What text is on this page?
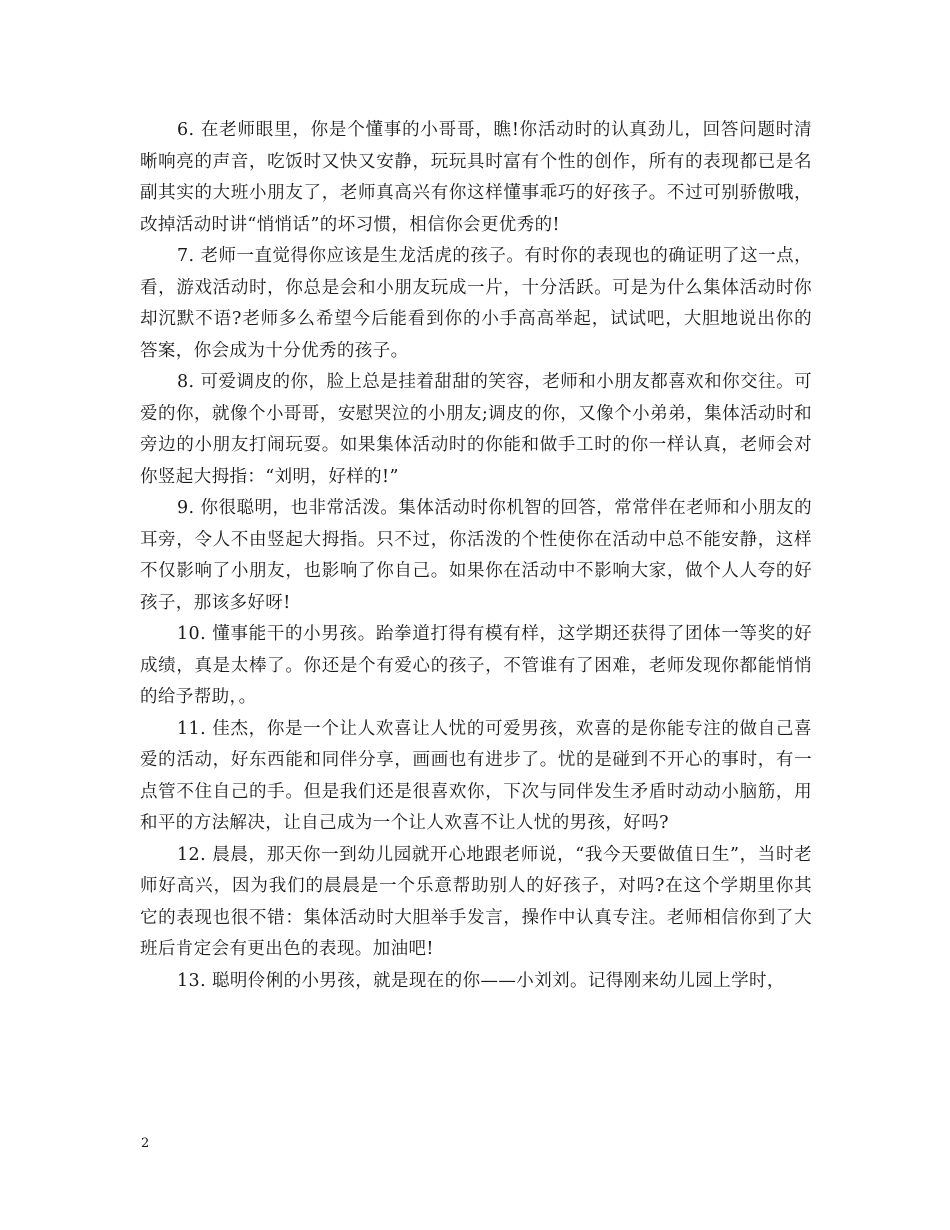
6. 在老师眼里，你是个懂事的小哥哥，瞧!你活动时的认真劲儿，回答问题时清晰响亮的声音，吃饭时又快又安静，玩玩具时富有个性的创作，所有的表现都已是名副其实的大班小朋友了，老师真高兴有你这样懂事乖巧的好孩子。不过可别骄傲哦，改掉活动时讲“悄悄话”的坏习惯，相信你会更优秀的!

7. 老师一直觉得你应该是生龙活虎的孩子。有时你的表现也的确证明了这一点，看，游戏活动时，你总是会和小朋友玩成一片，十分活跃。可是为什么集体活动时你却沉默不语?老师多么希望今后能看到你的小手高高举起，试试吧，大胆地说出你的答案，你会成为十分优秀的孩子。

8. 可爱调皮的你，脸上总是挂着甜甜的笑容，老师和小朋友都喜欢和你交往。可爱的你，就像个小哥哥，安慰哭泣的小朋友;调皮的你，又像个小弟弟，集体活动时和旁边的小朋友打闹玩耍。如果集体活动时的你能和做手工时的你一样认真，老师会对你竖起大拇指：“刘明，好样的!”

9. 你很聪明，也非常活泼。集体活动时你机智的回答，常常伴在老师和小朋友的耳旁，令人不由竖起大拇指。只不过，你活泼的个性使你在活动中总不能安静，这样不仅影响了小朋友，也影响了你自己。如果你在活动中不影响大家，做个人人夸的好孩子，那该多好呀!

10. 懂事能干的小男孩。跆拳道打得有模有样，这学期还获得了团体一等奖的好成绩，真是太棒了。你还是个有爱心的孩子，不管谁有了困难，老师发现你都能悄悄的给予帮助，。

11. 佳杰，你是一个让人欢喜让人忧的可爱男孩，欢喜的是你能专注的做自己喜爱的活动，好东西能和同伴分享，画画也有进步了。忧的是碰到不开心的事时，有一点管不住自己的手。但是我们还是很喜欢你，下次与同伴发生矛盾时动动小脑筋，用和平的方法解决，让自己成为一个让人欢喜不让人忧的男孩，好吗?

12. 晨晨，那天你一到幼儿园就开心地跟老师说，“我今天要做值日生”，当时老师好高兴，因为我们的晨晨是一个乐意帮助别人的好孩子，对吗?在这个学期里你其它的表现也很不错：集体活动时大胆举手发言，操作中认真专注。老师相信你到了大班后肯定会有更出色的表现。加油吧!

13. 聪明伶俐的小男孩，就是现在的你——小刘刘。记得刚来幼儿园上学时，

2
